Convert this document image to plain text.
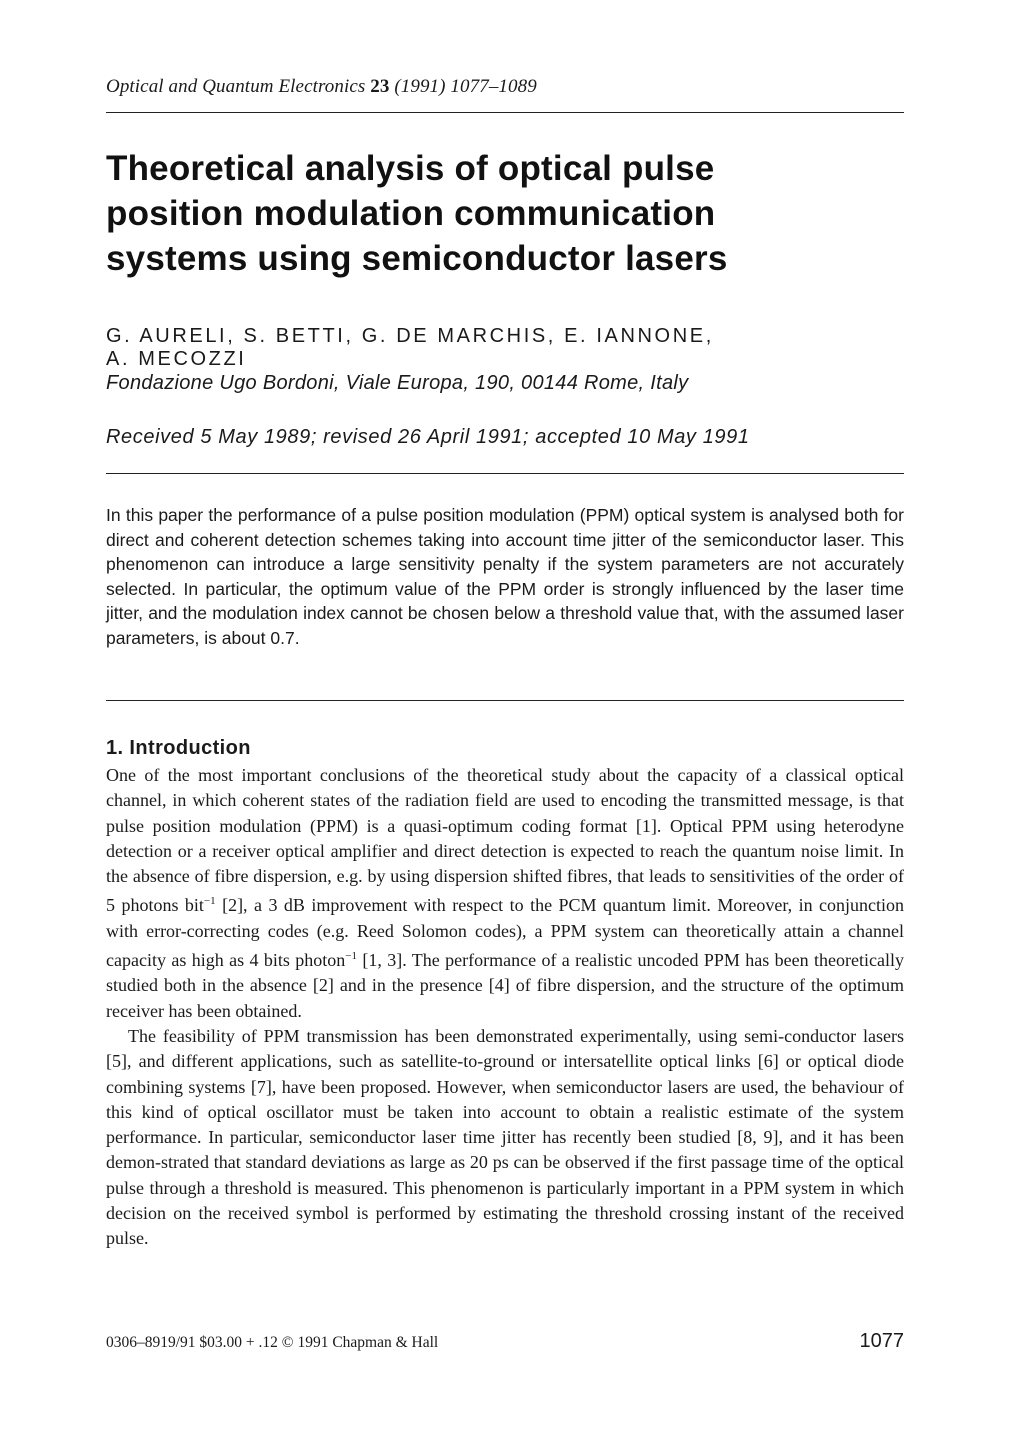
Optical and Quantum Electronics 23 (1991) 1077–1089
Theoretical analysis of optical pulse
position modulation communication
systems using semiconductor lasers
G. AURELI, S. BETTI, G. DE MARCHIS, E. IANNONE,
A. MECOZZI
Fondazione Ugo Bordoni, Viale Europa, 190, 00144 Rome, Italy
Received 5 May 1989; revised 26 April 1991; accepted 10 May 1991

In this paper the performance of a pulse position modulation (PPM) optical system is analysed both for direct and coherent detection schemes taking into account time jitter of the semiconductor laser. This phenomenon can introduce a large sensitivity penalty if the system parameters are not accurately selected. In particular, the optimum value of the PPM order is strongly influenced by the laser time jitter, and the modulation index cannot be chosen below a threshold value that, with the assumed laser parameters, is about 0.7.

1. Introduction

One of the most important conclusions of the theoretical study about the capacity of a classical optical channel, in which coherent states of the radiation field are used to encoding the transmitted message, is that pulse position modulation (PPM) is a quasi-optimum coding format [1]. Optical PPM using heterodyne detection or a receiver optical amplifier and direct detection is expected to reach the quantum noise limit. In the absence of fibre dispersion, e.g. by using dispersion shifted fibres, that leads to sensitivities of the order of 5 photons bit$^{-1}$ [2], a 3 dB improvement with respect to the PCM quantum limit. Moreover, in conjunction with error-correcting codes (e.g. Reed Solomon codes), a PPM system can theoretically attain a channel capacity as high as 4 bits photon$^{-1}$ [1, 3]. The performance of a realistic uncoded PPM has been theoretically studied both in the absence [2] and in the presence [4] of fibre dispersion, and the structure of the optimum receiver has been obtained.

The feasibility of PPM transmission has been demonstrated experimentally, using semi-conductor lasers [5], and different applications, such as satellite-to-ground or intersatellite optical links [6] or optical diode combining systems [7], have been proposed. However, when semiconductor lasers are used, the behaviour of this kind of optical oscillator must be taken into account to obtain a realistic estimate of the system performance. In particular, semiconductor laser time jitter has recently been studied [8, 9], and it has been demon-strated that standard deviations as large as 20 ps can be observed if the first passage time of the optical pulse through a threshold is measured. This phenomenon is particularly important in a PPM system in which decision on the received symbol is performed by estimating the threshold crossing instant of the received pulse.

0306–8919/91 $03.00 + .12 © 1991 Chapman & Hall	1077
